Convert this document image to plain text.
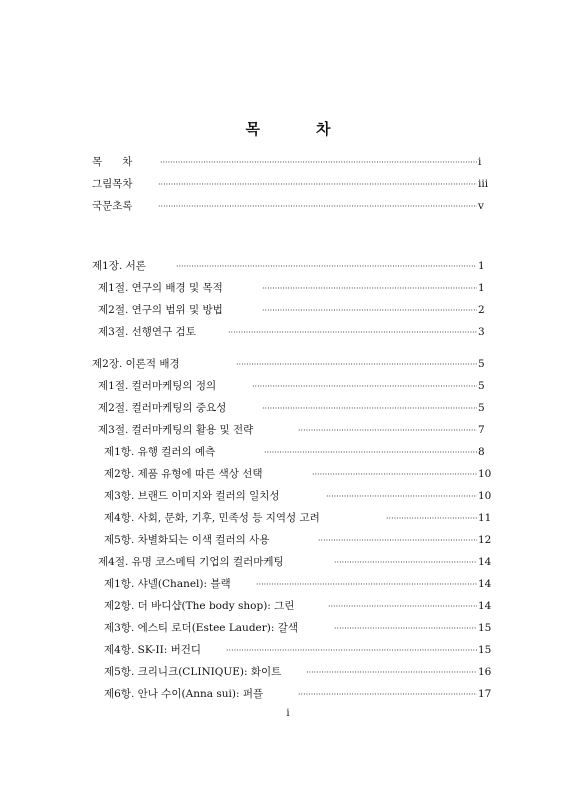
목	차
·····
목      차	i
·····
그림목차	iii
·····
국문초록	v
·····
제1장. 서론	1
·····
제1절. 연구의 배경 및 목적	1
·····
제2절. 연구의 범위 및 방법	2
·····
제3절. 선행연구 검토	3
·····
제2장. 이론적 배경	5
·····
제1절. 컬러마케팅의 정의	5
·····
제2절. 컬러마케팅의 중요성	5
·····
제3절. 컬러마케팅의 활용 및 전략	7
·····
제1항. 유행 컬러의 예측	8
·····
제2항. 제품 유형에 따른 색상 선택	10
·····
제3항. 브랜드 이미지와 컬러의 일치성	10
·····
제4항. 사회, 문화, 기후, 민족성 등 지역성 고려	11
·····
제5항. 차별화되는 이색 컬러의 사용	12
·····
제4절. 유명 코스메틱 기업의 컬러마케팅	14
·····
제1항. 샤넬(Chanel): 블랙	14
·····
제2항. 더 바디샵(The body shop): 그린	14
·····
제3항. 에스티 로더(Estee Lauder): 갈색	15
·····
제4항. SK-II: 버건디	15
·····
제5항. 크리니크(CLINIQUE): 화이트	16
·····
제6항. 안나 수이(Anna sui): 퍼플	17
i
